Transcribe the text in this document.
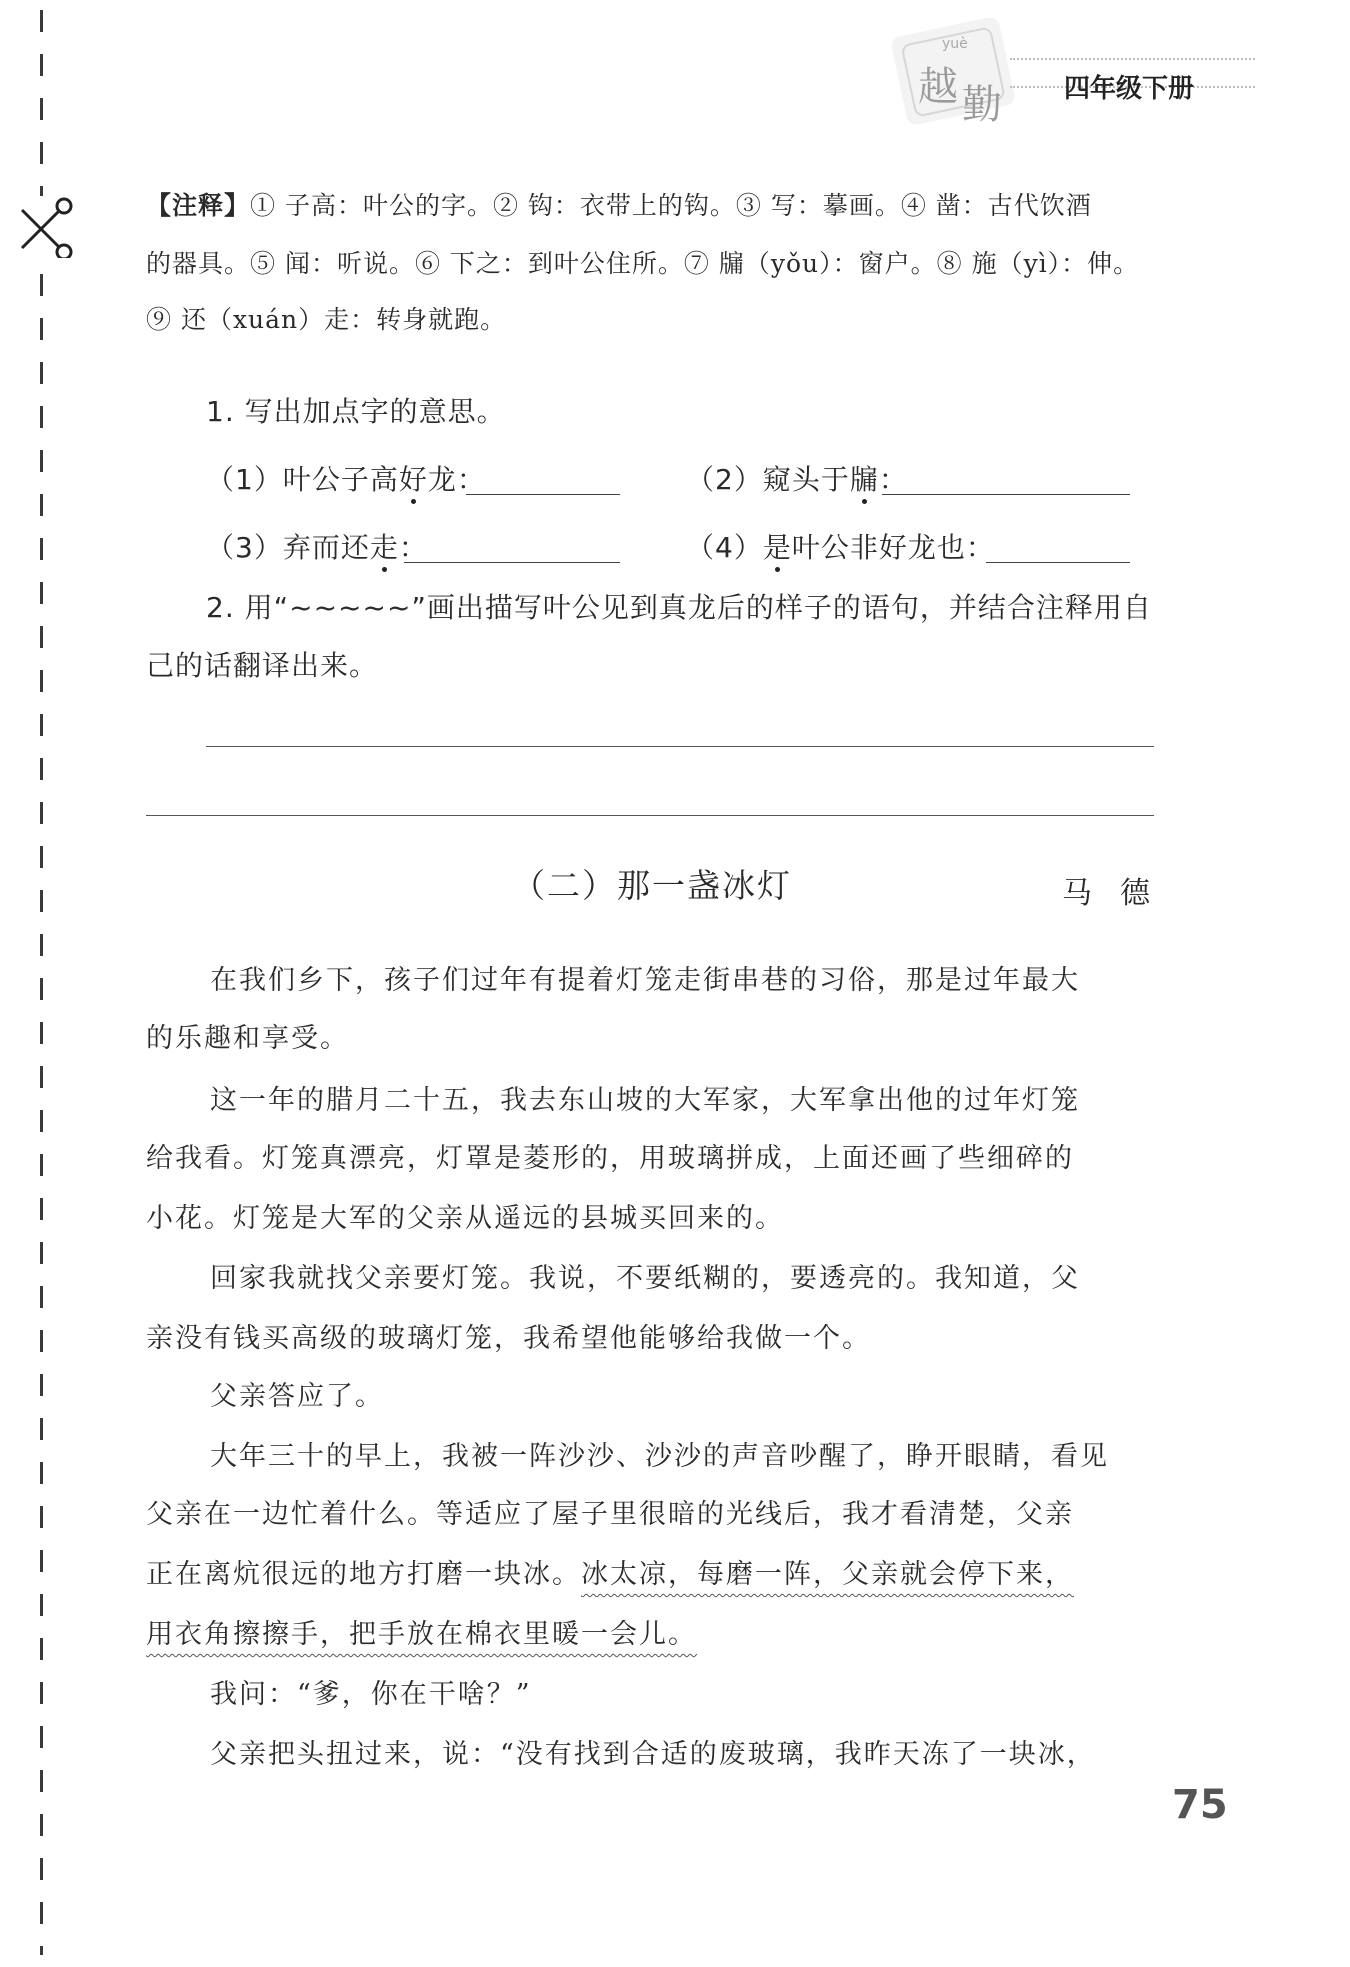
越 勤
yuè
四年级下册
【注释】① 子高：叶公的字。② 钩：衣带上的钩。③ 写：摹画。④ 凿：古代饮酒
的器具。⑤ 闻：听说。⑥ 下之：到叶公住所。⑦ 牖（yǒu）：窗户。⑧ 施（yì）：伸。
⑨ 还（xuán）走：转身就跑。
1. 写出加点字的意思。
（1）叶公子高好龙：	（2）窥头于牖：
（3）弃而还走：	（4）是叶公非好龙也：
2. 用“~~~~~”画出描写叶公见到真龙后的样子的语句，并结合注释用自
己的话翻译出来。
（二）那一盏冰灯	马德
在我们乡下，孩子们过年有提着灯笼走街串巷的习俗，那是过年最大
的乐趣和享受。
这一年的腊月二十五，我去东山坡的大军家，大军拿出他的过年灯笼
给我看。灯笼真漂亮，灯罩是菱形的，用玻璃拼成，上面还画了些细碎的
小花。灯笼是大军的父亲从遥远的县城买回来的。
回家我就找父亲要灯笼。我说，不要纸糊的，要透亮的。我知道，父
亲没有钱买高级的玻璃灯笼，我希望他能够给我做一个。
父亲答应了。
大年三十的早上，我被一阵沙沙、沙沙的声音吵醒了，睁开眼睛，看见
父亲在一边忙着什么。等适应了屋子里很暗的光线后，我才看清楚，父亲
正在离炕很远的地方打磨一块冰。冰太凉，每磨一阵，父亲就会停下来，
用衣角擦擦手，把手放在棉衣里暖一会儿。
我问：“爹，你在干啥？”
父亲把头扭过来，说：“没有找到合适的废玻璃，我昨天冻了一块冰，
75
